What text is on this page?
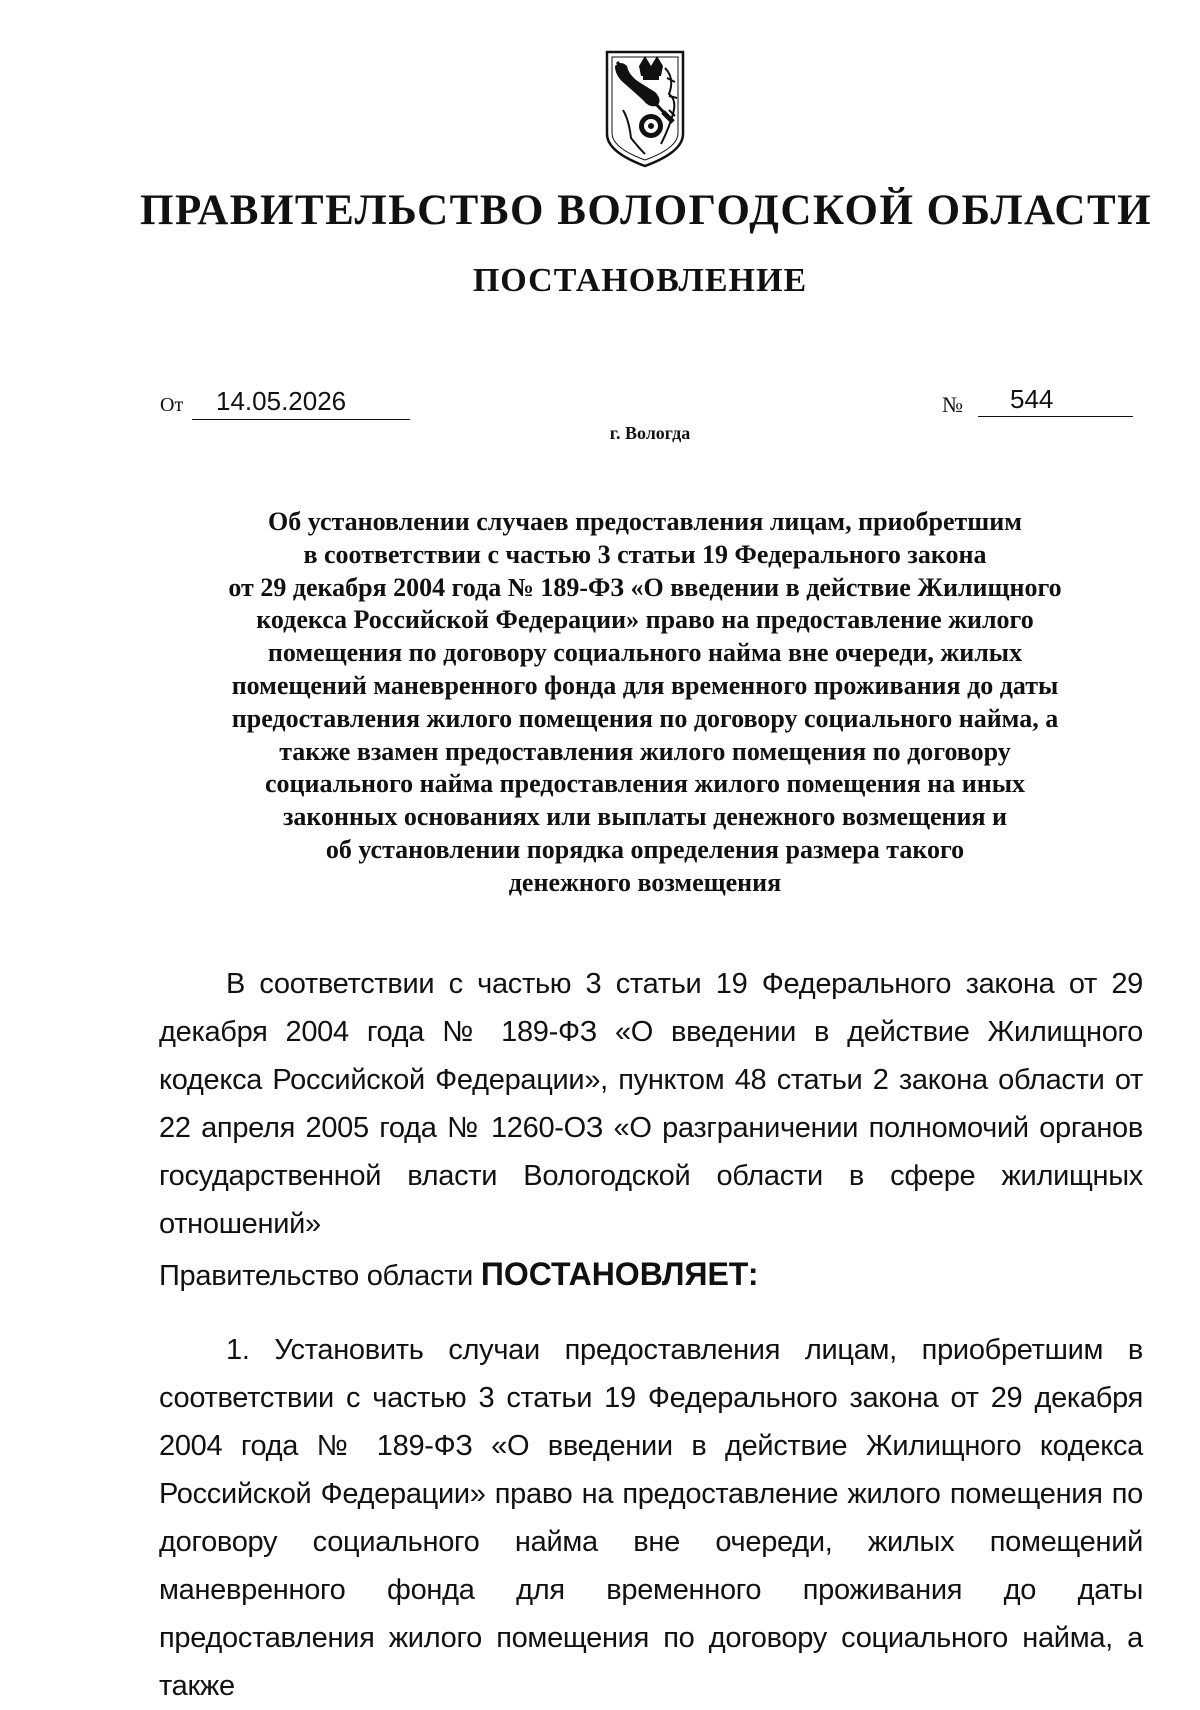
ПРАВИТЕЛЬСТВО ВОЛОГОДСКОЙ ОБЛАСТИ
ПОСТАНОВЛЕНИЕ
От 14.05.2026	№ 544
г. Вологда
Об установлении случаев предоставления лицам, приобретшим
в соответствии с частью 3 статьи 19 Федерального закона
от 29 декабря 2004 года № 189-ФЗ «О введении в действие Жилищного
кодекса Российской Федерации» право на предоставление жилого
помещения по договору социального найма вне очереди, жилых
помещений маневренного фонда для временного проживания до даты
предоставления жилого помещения по договору социального найма, а
также взамен предоставления жилого помещения по договору
социального найма предоставления жилого помещения на иных
законных основаниях или выплаты денежного возмещения и
об установлении порядка определения размера такого
денежного возмещения

В соответствии с частью 3 статьи 19 Федерального закона от 29 декабря 2004 года № 189-ФЗ «О введении в действие Жилищного кодекса Российской Федерации», пунктом 48 статьи 2 закона области от 22 апреля 2005 года № 1260-ОЗ «О разграничении полномочий органов государственной власти Вологодской области в сфере жилищных отношений»

Правительство области ПОСТАНОВЛЯЕТ:

1. Установить случаи предоставления лицам, приобретшим в соответствии с частью 3 статьи 19 Федерального закона от 29 декабря 2004 года № 189-ФЗ «О введении в действие Жилищного кодекса Российской Федерации» право на предоставление жилого помещения по договору социального найма вне очереди, жилых помещений маневренного фонда для временного проживания до даты предоставления жилого помещения по договору социального найма, а также
